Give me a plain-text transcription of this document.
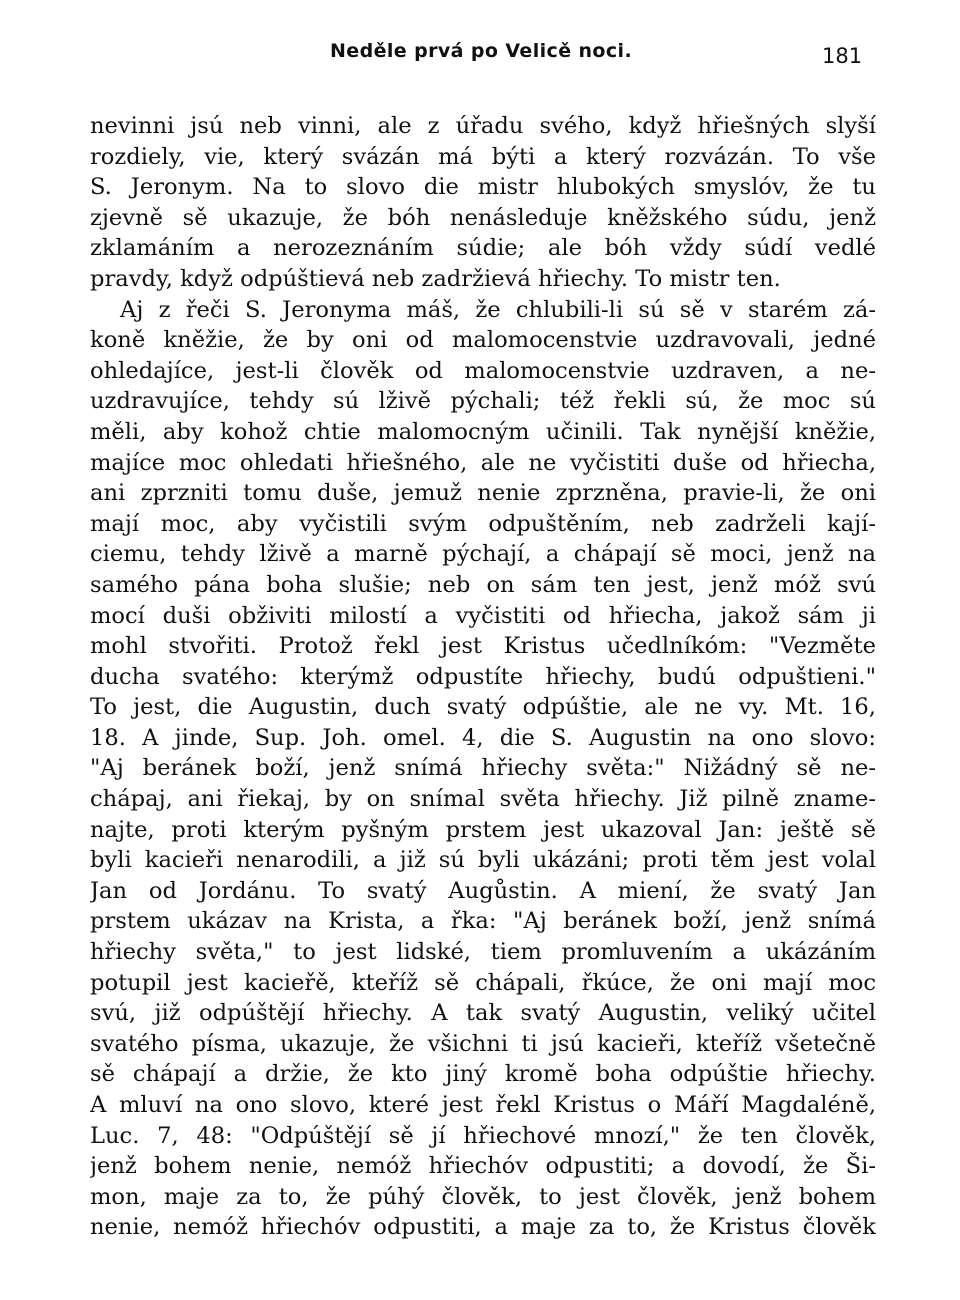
Neděle prvá po Velicě noci.	181
nevinni jsú neb vinni, ale z úřadu svého, když hřiešných slyší
rozdiely, vie, který svázán má býti a který rozvázán. To vše
S. Jeronym. Na to slovo die mistr hlubokých smyslóv, že tu
zjevně sě ukazuje, že bóh nenásleduje kněžského súdu, jenž
zklamáním a nerozeznáním súdie; ale bóh vždy súdí vedlé
pravdy, když odpúštievá neb zadržievá hřiechy. To mistr ten.
Aj z řeči S. Jeronyma máš, že chlubili-li sú sě v starém zá-
koně kněžie, že by oni od malomocenstvie uzdravovali, jedné
ohledajíce, jest-li člověk od malomocenstvie uzdraven, a ne-
uzdravujíce, tehdy sú lživě pýchali; též řekli sú, že moc sú
měli, aby kohož chtie malomocným učinili. Tak nynější kněžie,
majíce moc ohledati hřiešného, ale ne vyčistiti duše od hřiecha,
ani zprzniti tomu duše, jemuž nenie zprzněna, pravie-li, že oni
mají moc, aby vyčistili svým odpuštěním, neb zadrželi kají-
ciemu, tehdy lživě a marně pýchají, a chápají sě moci, jenž na
samého pána boha slušie; neb on sám ten jest, jenž móž svú
mocí duši obživiti milostí a vyčistiti od hřiecha, jakož sám ji
mohl stvořiti. Protož řekl jest Kristus učedlníkóm: "Vezměte
ducha svatého: kterýmž odpustíte hřiechy, budú odpuštieni."
To jest, die Augustin, duch svatý odpúštie, ale ne vy. Mt. 16,
18. A jinde, Sup. Joh. omel. 4, die S. Augustin na ono slovo:
"Aj beránek boží, jenž snímá hřiechy světa:" Nižádný sě ne-
chápaj, ani řiekaj, by on snímal světa hřiechy. Již pilně zname-
najte, proti kterým pyšným prstem jest ukazoval Jan: ještě sě
byli kacieři nenarodili, a již sú byli ukázáni; proti těm jest volal
Jan od Jordánu. To svatý Augůstin. A mienı́, že svatý Jan
prstem ukázav na Krista, a řka: "Aj beránek boží, jenž snímá
hřiechy světa," to jest lidské, tiem promluvením a ukázáním
potupil jest kacieřě, kteříž sě chápali, řkúce, že oni mají moc
svú, již odpúštějí hřiechy. A tak svatý Augustin, veliký učitel
svatého písma, ukazuje, že všichni ti jsú kacieři, kteříž všetečně
sě chápají a držie, že kto jiný kromě boha odpúštie hřiechy.
A mluví na ono slovo, které jest řekl Kristus o Máří Magdaléně,
Luc. 7, 48: "Odpúštějí sě jí hřiechové mnozí," že ten člověk,
jenž bohem nenie, nemóž hřiechóv odpustiti; a dovodí, že Ši-
mon, maje za to, že púhý člověk, to jest člověk, jenž bohem
nenie, nemóž hřiechóv odpustiti, a maje za to, že Kristus člověk
